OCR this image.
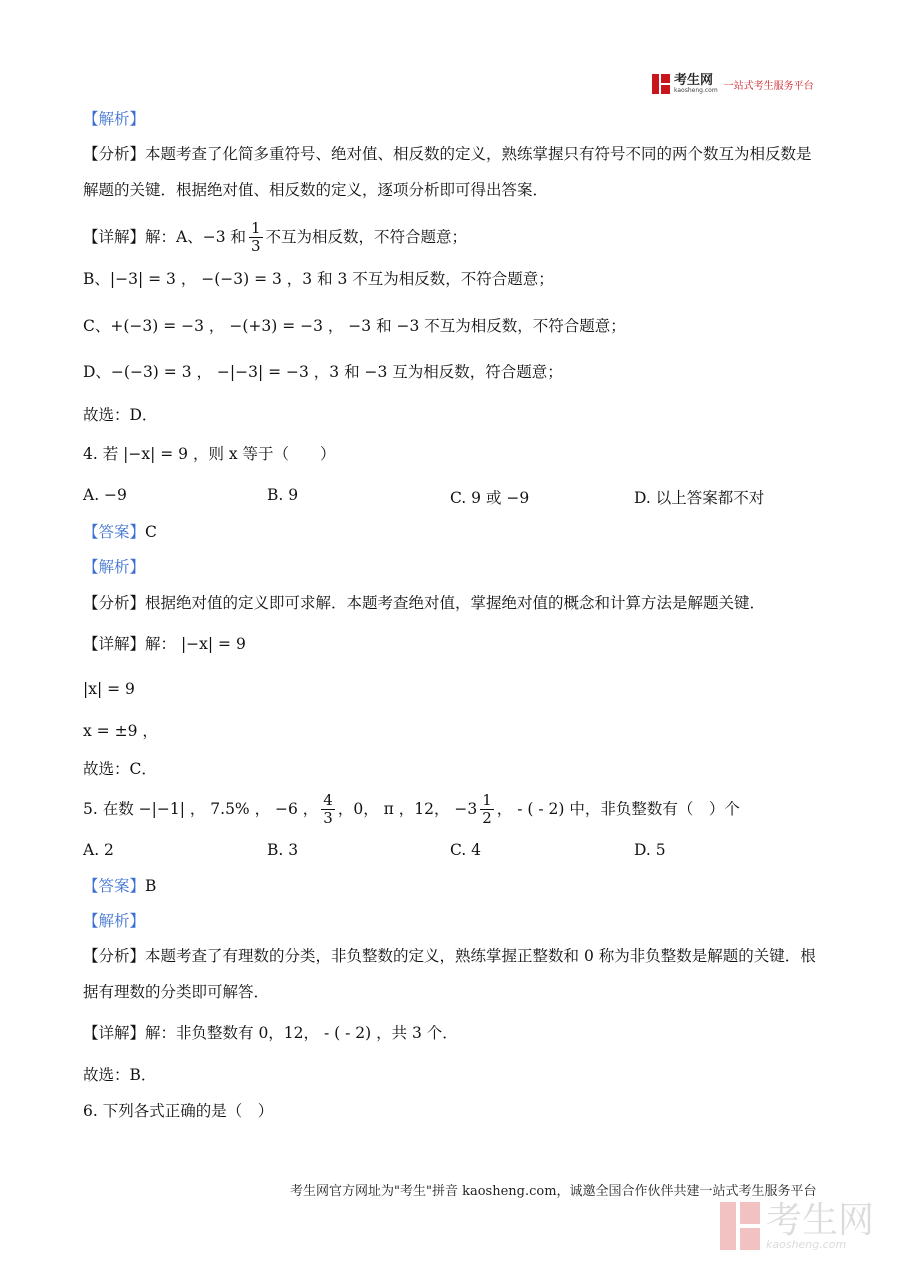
考生网
kaosheng.com 一站式考生服务平台
【解析】
【分析】本题考查了化简多重符号、绝对值、相反数的定义，熟练掌握只有符号不同的两个数互为相反数是解题的关键．根据绝对值、相反数的定义，逐项分析即可得出答案．
【详解】 解：A、−3 和 $\frac{1}{3}$ 不互为相反数，不符合题意；
B、|−3| = 3 ， −(−3) = 3 ，3 和 3 不互为相反数，不符合题意；
C、+(−3) = −3 ， −(+3) = −3 ， −3 和 −3 不互为相反数，不符合题意；
D、−(−3) = 3 ， −|−3| = −3 ，3 和 −3 互为相反数，符合题意；
故选：D．
4. 若 |−x| = 9 ，则 x 等于（　　）
A. −9	B. 9	C. 9 或 −9	D. 以上答案都不对
【答案】C
【解析】
【分析】根据绝对值的定义即可求解．本题考查绝对值，掌握绝对值的概念和计算方法是解题关键．
【详解】解： |−x| = 9
|x| = 9
x = ±9 ，
故选：C．
5. 在数 −|−1| ， 7.5% ， −6 ， $\frac{4}{3}$ ，0， π ，12， $-3 \frac{1}{2}$ ， - ( - 2) 中，非负整数有（　）个
A. 2	B. 3	C. 4	D. 5
【答案】B
【解析】
【分析】本题考查了有理数的分类，非负整数的定义，熟练掌握正整数和 0 称为非负整数是解题的关键．根据有理数的分类即可解答．
【详解】解：非负整数有 0，12， - ( - 2) ，共 3 个．
故选：B．
6. 下列各式正确的是（　）
考生网官方网址为"考生"拼音 kaosheng.com，诚邀全国合作伙伴共建一站式考生服务平台
考生网
kaosheng.com
